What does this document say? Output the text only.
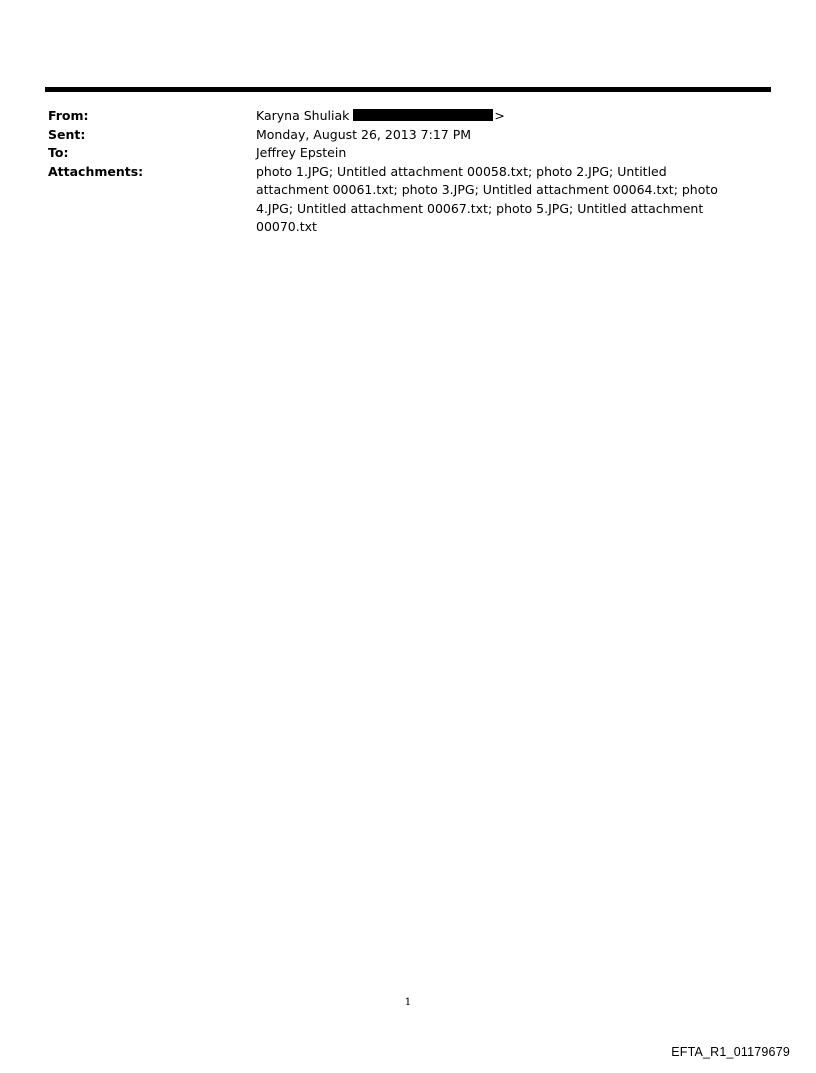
From:	Karyna Shuliak	>
Sent:	Monday, August 26, 2013 7:17 PM
To:	Jeffrey Epstein
Attachments:	photo 1.JPG; Untitled attachment 00058.txt; photo 2.JPG; Untitled attachment 00061.txt; photo 3.JPG; Untitled attachment 00064.txt; photo 4.JPG; Untitled attachment 00067.txt; photo 5.JPG; Untitled attachment 00070.txt
1
EFTA_R1_01179679
